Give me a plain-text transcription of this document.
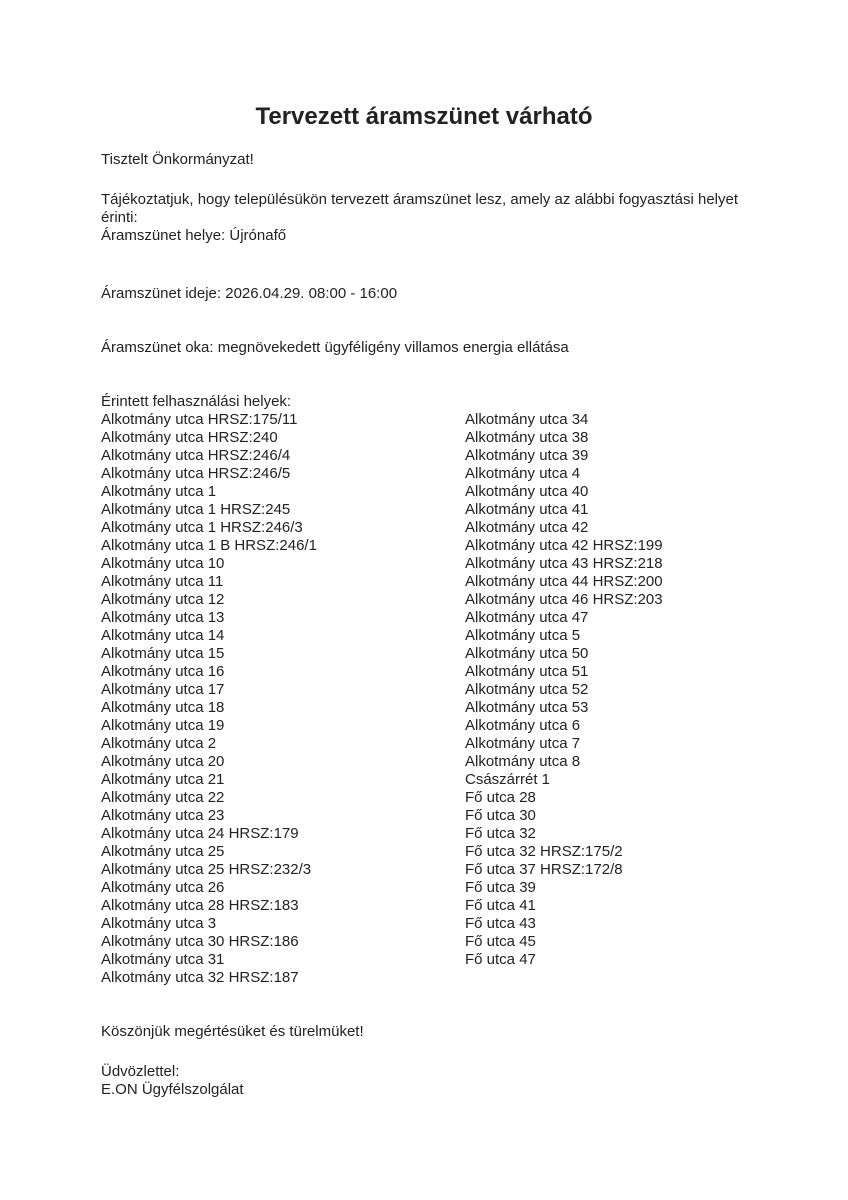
Tervezett áramszünet várható
Tisztelt Önkormányzat!
Tájékoztatjuk, hogy településükön tervezett áramszünet lesz, amely az alábbi fogyasztási helyet érinti:
Áramszünet helye: Újrónafő
Áramszünet ideje: 2026.04.29. 08:00 - 16:00
Áramszünet oka: megnövekedett ügyféligény villamos energia ellátása
Érintett felhasználási helyek:
Alkotmány utca HRSZ:175/11
Alkotmány utca HRSZ:240
Alkotmány utca HRSZ:246/4
Alkotmány utca HRSZ:246/5
Alkotmány utca 1
Alkotmány utca 1 HRSZ:245
Alkotmány utca 1 HRSZ:246/3
Alkotmány utca 1 B HRSZ:246/1
Alkotmány utca 10
Alkotmány utca 11
Alkotmány utca 12
Alkotmány utca 13
Alkotmány utca 14
Alkotmány utca 15
Alkotmány utca 16
Alkotmány utca 17
Alkotmány utca 18
Alkotmány utca 19
Alkotmány utca 2
Alkotmány utca 20
Alkotmány utca 21
Alkotmány utca 22
Alkotmány utca 23
Alkotmány utca 24 HRSZ:179
Alkotmány utca 25
Alkotmány utca 25 HRSZ:232/3
Alkotmány utca 26
Alkotmány utca 28 HRSZ:183
Alkotmány utca 3
Alkotmány utca 30 HRSZ:186
Alkotmány utca 31
Alkotmány utca 32 HRSZ:187
Alkotmány utca 34
Alkotmány utca 38
Alkotmány utca 39
Alkotmány utca 4
Alkotmány utca 40
Alkotmány utca 41
Alkotmány utca 42
Alkotmány utca 42 HRSZ:199
Alkotmány utca 43 HRSZ:218
Alkotmány utca 44 HRSZ:200
Alkotmány utca 46 HRSZ:203
Alkotmány utca 47
Alkotmány utca 5
Alkotmány utca 50
Alkotmány utca 51
Alkotmány utca 52
Alkotmány utca 53
Alkotmány utca 6
Alkotmány utca 7
Alkotmány utca 8
Császárrét 1
Fő utca 28
Fő utca 30
Fő utca 32
Fő utca 32 HRSZ:175/2
Fő utca 37 HRSZ:172/8
Fő utca 39
Fő utca 41
Fő utca 43
Fő utca 45
Fő utca 47
Köszönjük megértésüket és türelmüket!
Üdvözlettel:
E.ON Ügyfélszolgálat
